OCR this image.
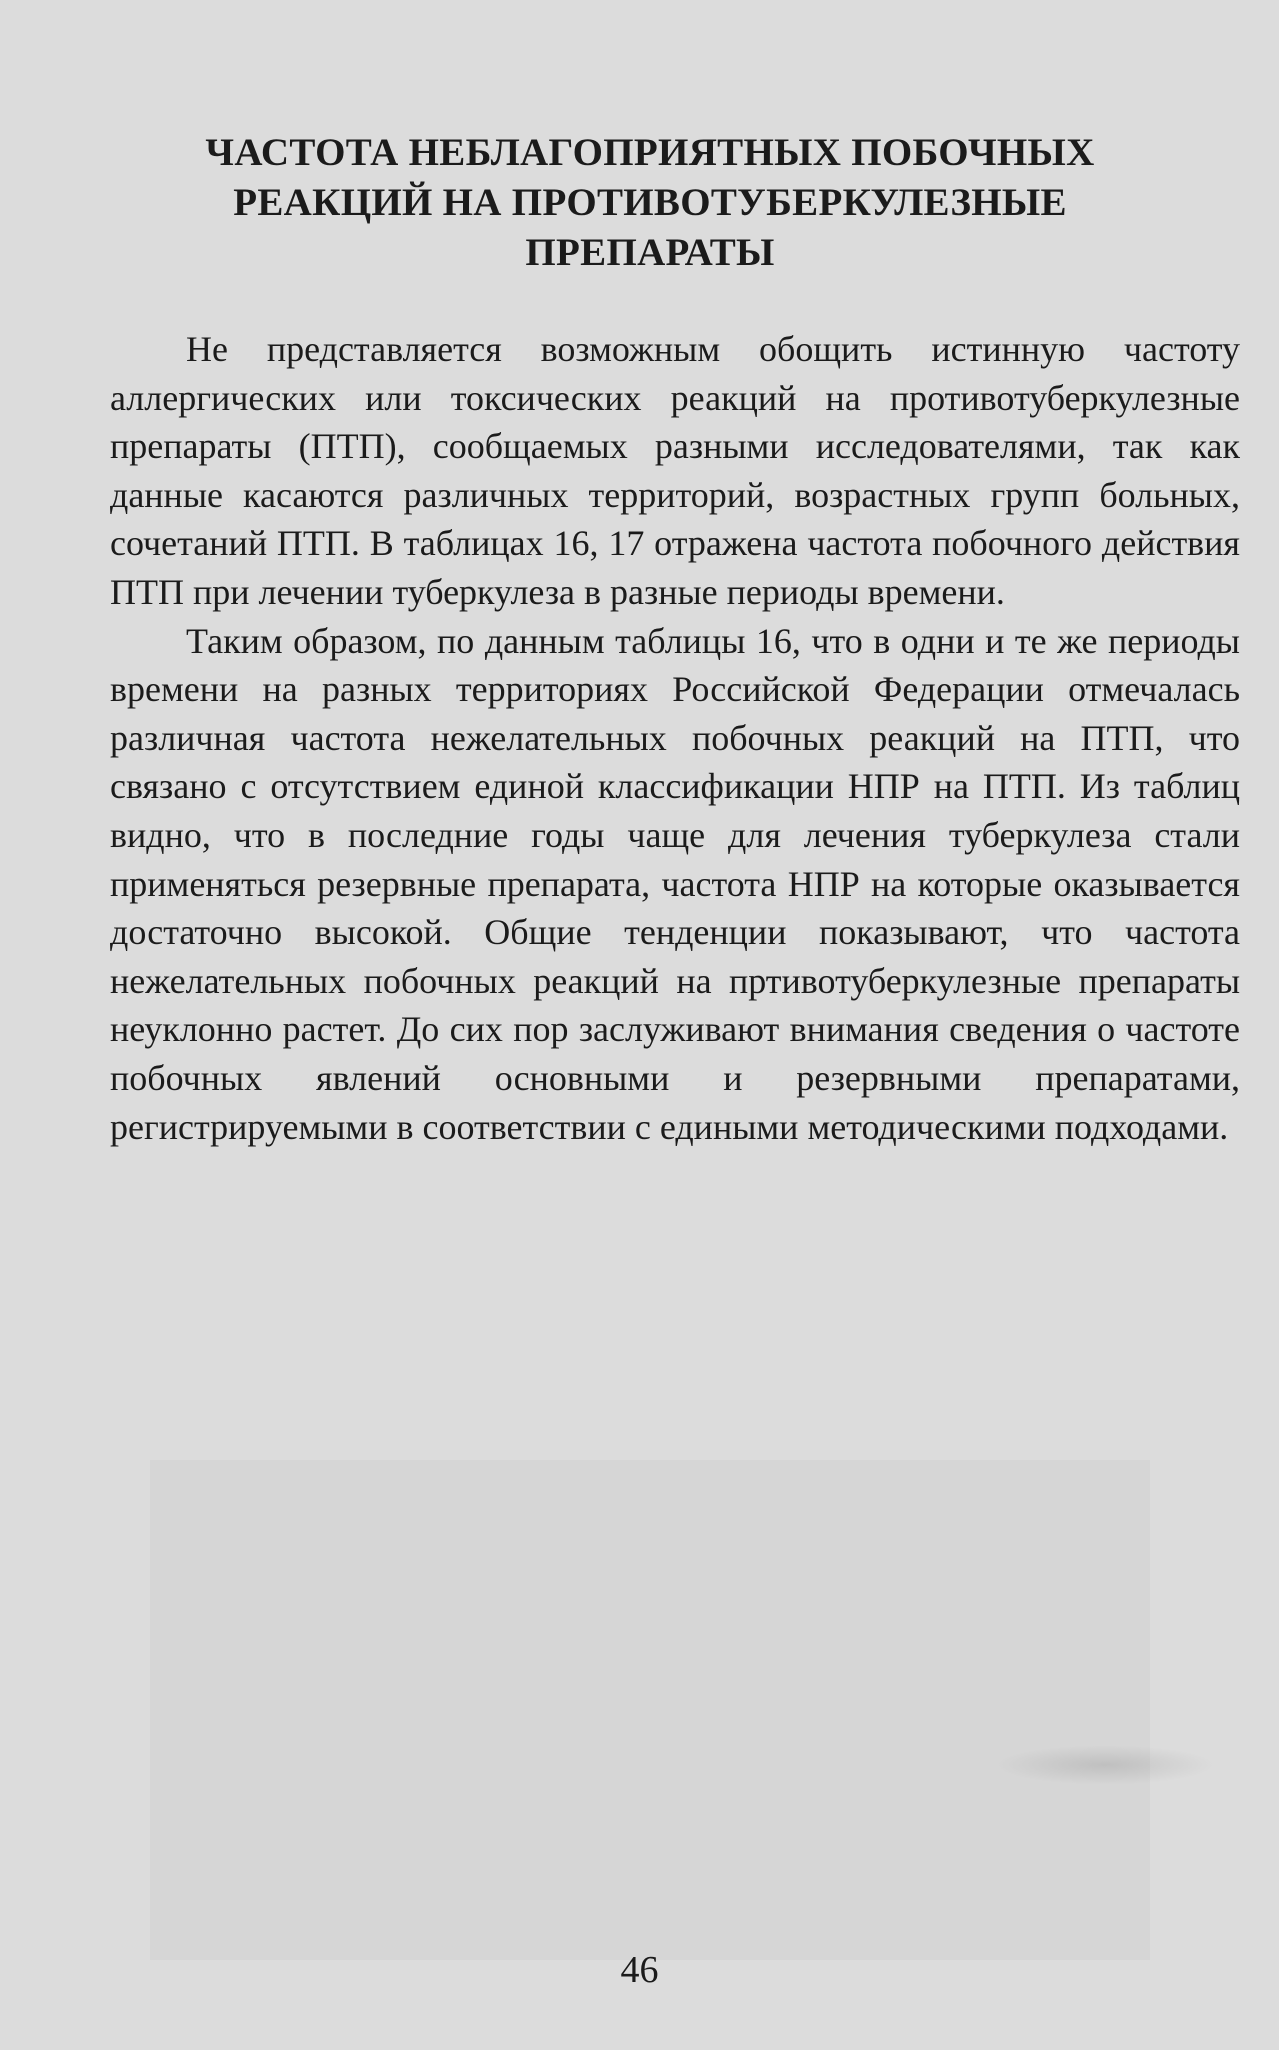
ЧАСТОТА НЕБЛАГОПРИЯТНЫХ ПОБОЧНЫХ
РЕАКЦИЙ НА ПРОТИВОТУБЕРКУЛЕЗНЫЕ
ПРЕПАРАТЫ

Не представляется возможным обощить истинную частоту аллергических или токсических реакций на противотуберкулезные препараты (ПТП), сообщаемых разными исследователями, так как данные касаются различных территорий, возрастных групп больных, сочетаний ПТП. В таблицах 16, 17 отражена частота побочного действия ПТП при лечении туберкулеза в разные периоды времени.

Таким образом, по данным таблицы 16, что в одни и те же периоды времени на разных территориях Российской Федерации отмечалась различная частота нежелательных побочных реакций на ПТП, что связано с отсутствием единой классификации НПР на ПТП. Из таблиц видно, что в последние годы чаще для лечения туберкулеза стали применяться резервные препарата, частота НПР на которые оказывается достаточно высокой. Общие тенденции показывают, что частота нежелательных побочных реакций на пртивотуберкулезные препараты неуклонно растет. До сих пор заслуживают внимания сведения о частоте побочных явлений основными и резервными препаратами, регистрируемыми в соответствии с едиными методическими подходами.

46
